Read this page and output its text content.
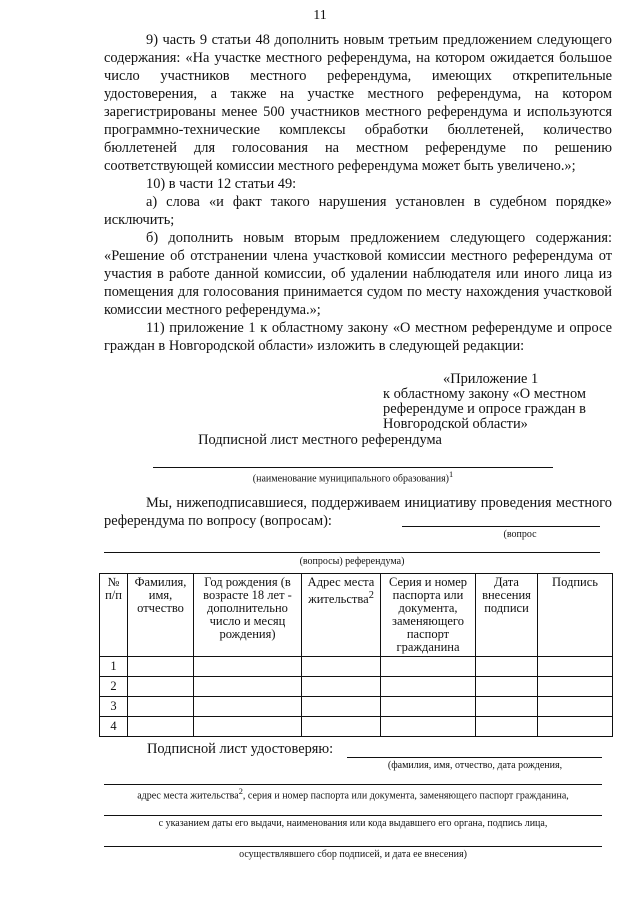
11

9) часть 9 статьи 48 дополнить новым третьим предложением следующего содержания: «На участке местного референдума, на котором ожидается большое число участников местного референдума, имеющих открепительные удостоверения, а также на участке местного референдума, на котором зарегистрированы менее 500 участников местного референдума и используются программно-технические комплексы обработки бюллетеней, количество бюллетеней для голосования на местном референдуме по решению соответствующей комиссии местного референдума может быть увеличено.»;

10) в части 12 статьи 49:

а) слова «и факт такого нарушения установлен в судебном порядке» исключить;

б) дополнить новым вторым предложением следующего содержания: «Решение об отстранении члена участковой комиссии местного референдума от участия в работе данной комиссии, об удалении наблюдателя или иного лица из помещения для голосования принимается судом по месту нахождения участковой комиссии местного референдума.»;

11) приложение 1 к областному закону «О местном референдуме и опросе граждан в Новгородской области» изложить в следующей редакции:

«Приложение 1
к областному закону «О местном референдуме и опросе граждан в Новгородской области»
Подписной лист местного референдума
(наименование муниципального образования)$^1$

Мы, нижеподписавшиеся, поддерживаем инициативу проведения местного референдума по вопросу (вопросам):

(вопрос
(вопросы) референдума)
№ п/п	Фамилия, имя, отчество	Год рождения (в возрасте 18 лет - дополнительно число и месяц рождения)	Адрес места жительства$^2$	Серия и номер паспорта или документа, заменяющего паспорт гражданина	Дата внесения подписи	Подпись
1						
2						
3						
4						
Подписной лист удостоверяю:
(фамилия, имя, отчество, дата рождения,
адрес места жительства$^2$, серия и номер паспорта или документа, заменяющего паспорт гражданина,
с указанием даты его выдачи, наименования или кода выдавшего его органа, подпись лица,
осуществлявшего сбор подписей, и дата ее внесения)
